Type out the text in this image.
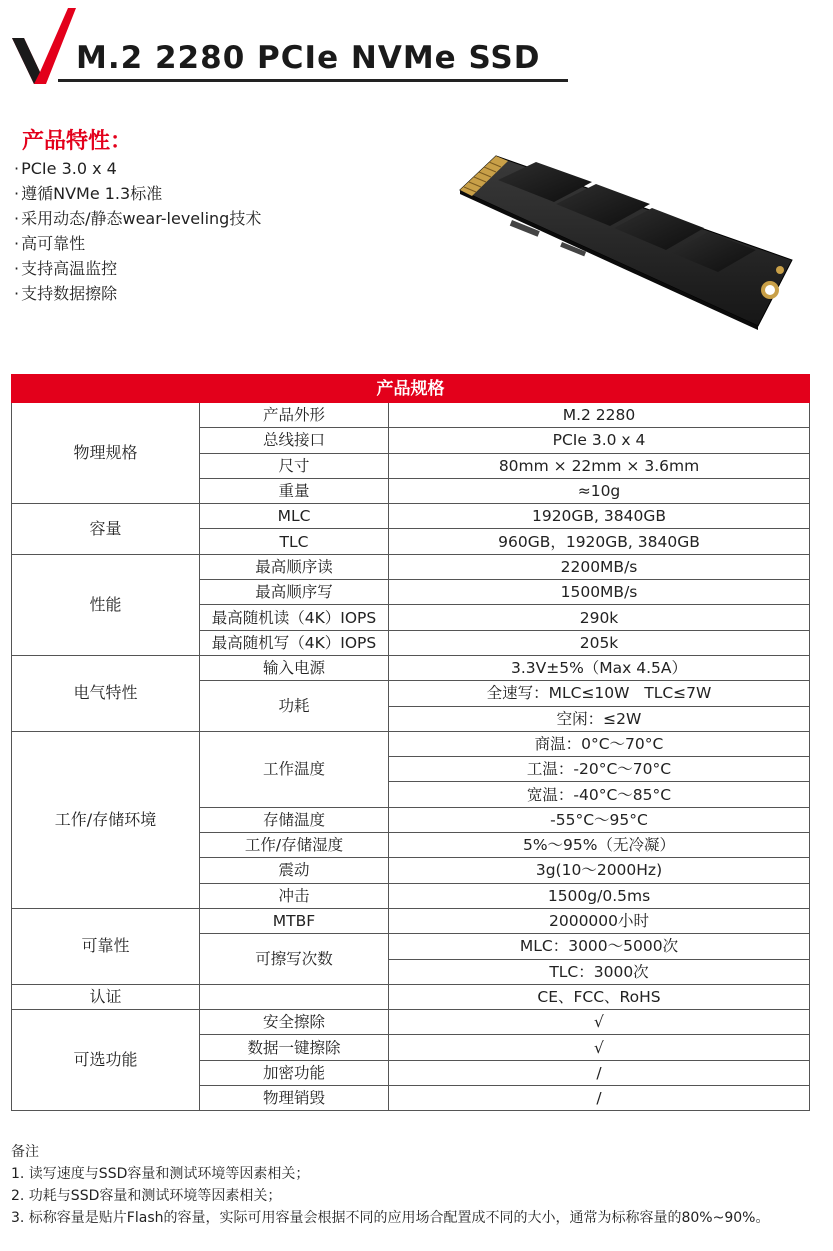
M.2 2280 PCIe NVMe SSD
产品特性：
· PCIe 3.0 x 4
· 遵循NVMe 1.3标准
· 采用动态/静态wear-leveling技术
· 高可靠性
· 支持高温监控
· 支持数据擦除
产品规格		
物理规格	产品外形	M.2 2280
	总线接口	PCIe 3.0 x 4
	尺寸	80mm × 22mm × 3.6mm
	重量	≈10g
容量	MLC	1920GB, 3840GB
	TLC	960GB，1920GB, 3840GB
性能	最高顺序读	2200MB/s
	最高顺序写	1500MB/s
	最高随机读（4K）IOPS	290k
	最高随机写（4K）IOPS	205k
电气特性	输入电源	3.3V±5%（Max 4.5A）
	功耗	全速写：MLC≤10W   TLC≤7W
		空闲：≤2W
工作/存储环境	工作温度	商温：0°C～70°C
		工温：-20°C～70°C
		宽温：-40°C～85°C
	存储温度	-55°C～95°C
	工作/存储湿度	5%～95%（无冷凝）
	震动	3g(10～2000Hz)
	冲击	1500g/0.5ms
可靠性	MTBF	2000000小时
	可擦写次数	MLC：3000～5000次
		TLC：3000次
认证		CE、FCC、RoHS
可选功能	安全擦除	√
	数据一键擦除	√
	加密功能	/
	物理销毁	/
备注
1. 读写速度与SSD容量和测试环境等因素相关；
2. 功耗与SSD容量和测试环境等因素相关；
3. 标称容量是贴片Flash的容量，实际可用容量会根据不同的应用场合配置成不同的大小，通常为标称容量的80%~90%。
